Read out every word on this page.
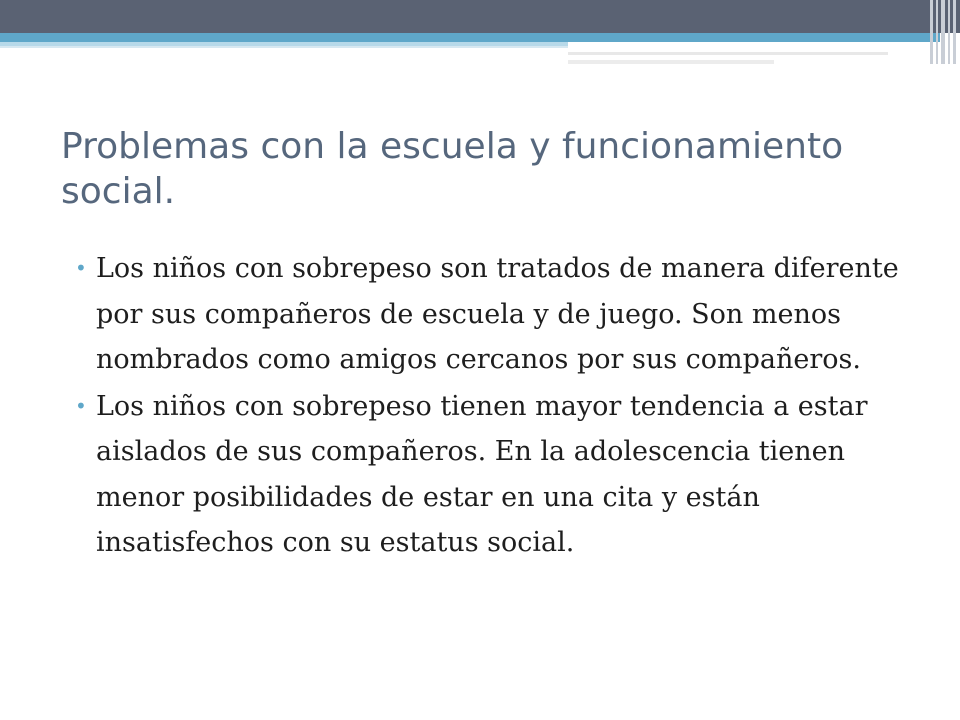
Problemas con la escuela y funcionamiento social.
• Los niños con sobrepeso son tratados de manera diferente por sus compañeros de escuela y de juego. Son menos nombrados como amigos cercanos por sus compañeros.
• Los niños con sobrepeso tienen mayor tendencia a estar aislados de sus compañeros. En la adolescencia tienen menor posibilidades de estar en una cita y están insatisfechos con su estatus social.
